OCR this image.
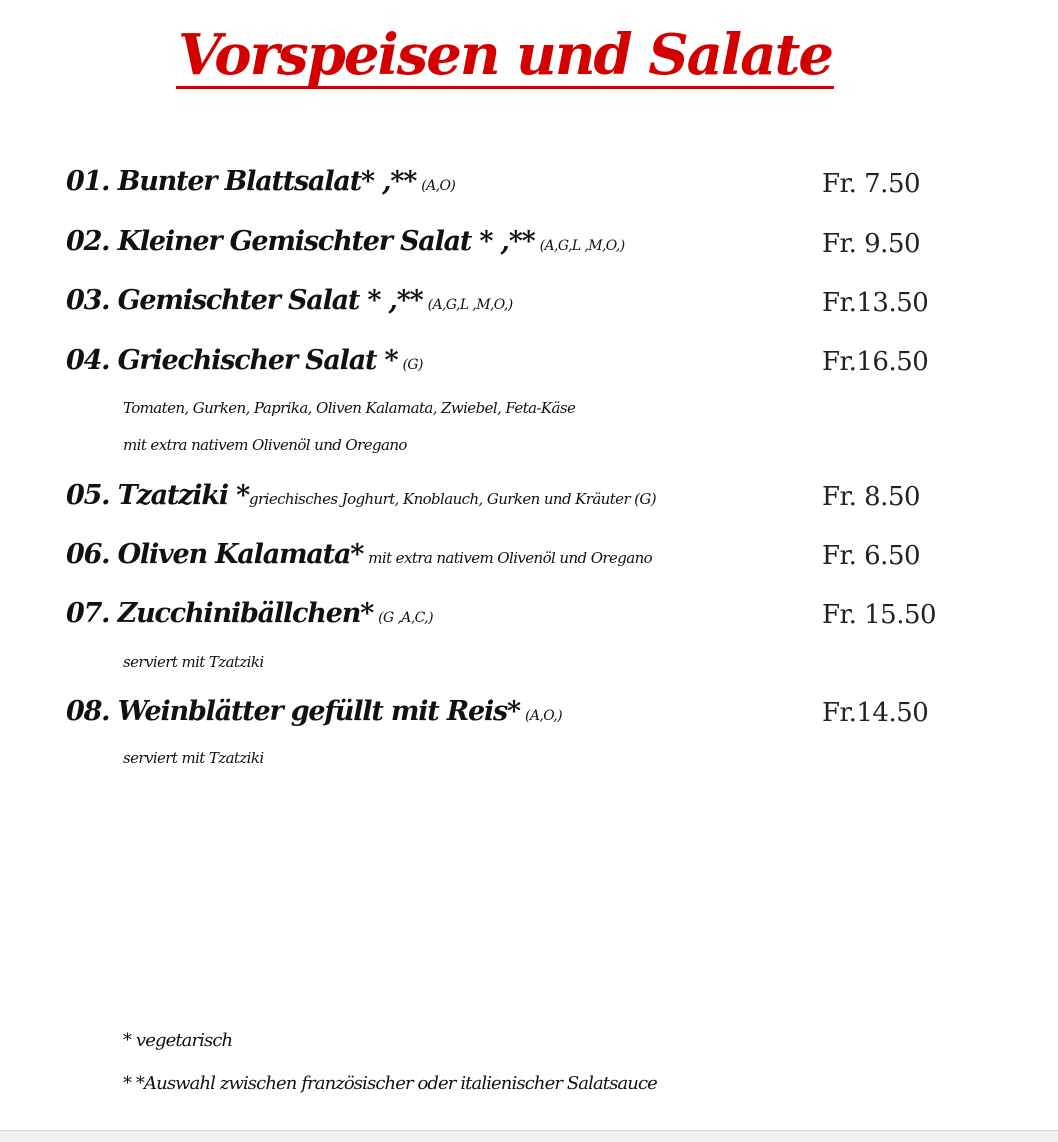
Vorspeisen und Salate
01. Bunter Blattsalat* ,** (A,O)	Fr. 7.50
02. Kleiner Gemischter Salat * ,** (A,G,L ,M,O,)	Fr. 9.50
03. Gemischter Salat * ,** (A,G,L ,M,O,)	Fr.13.50
04. Griechischer Salat * (G)	Fr.16.50
Tomaten, Gurken, Paprika, Oliven Kalamata, Zwiebel, Feta-Käse
mit extra nativem Olivenöl und Oregano
05. Tzatziki *griechisches Joghurt, Knoblauch, Gurken und Kräuter (G)	Fr. 8.50
06. Oliven Kalamata* mit extra nativem Olivenöl und Oregano	Fr. 6.50
07. Zucchinibällchen* (G ,A,C,)	Fr. 15.50
serviert mit Tzatziki
08. Weinblätter gefüllt mit Reis* (A,O,)	Fr.14.50
serviert mit Tzatziki
* vegetarisch
* *Auswahl zwischen französischer oder italienischer Salatsauce
